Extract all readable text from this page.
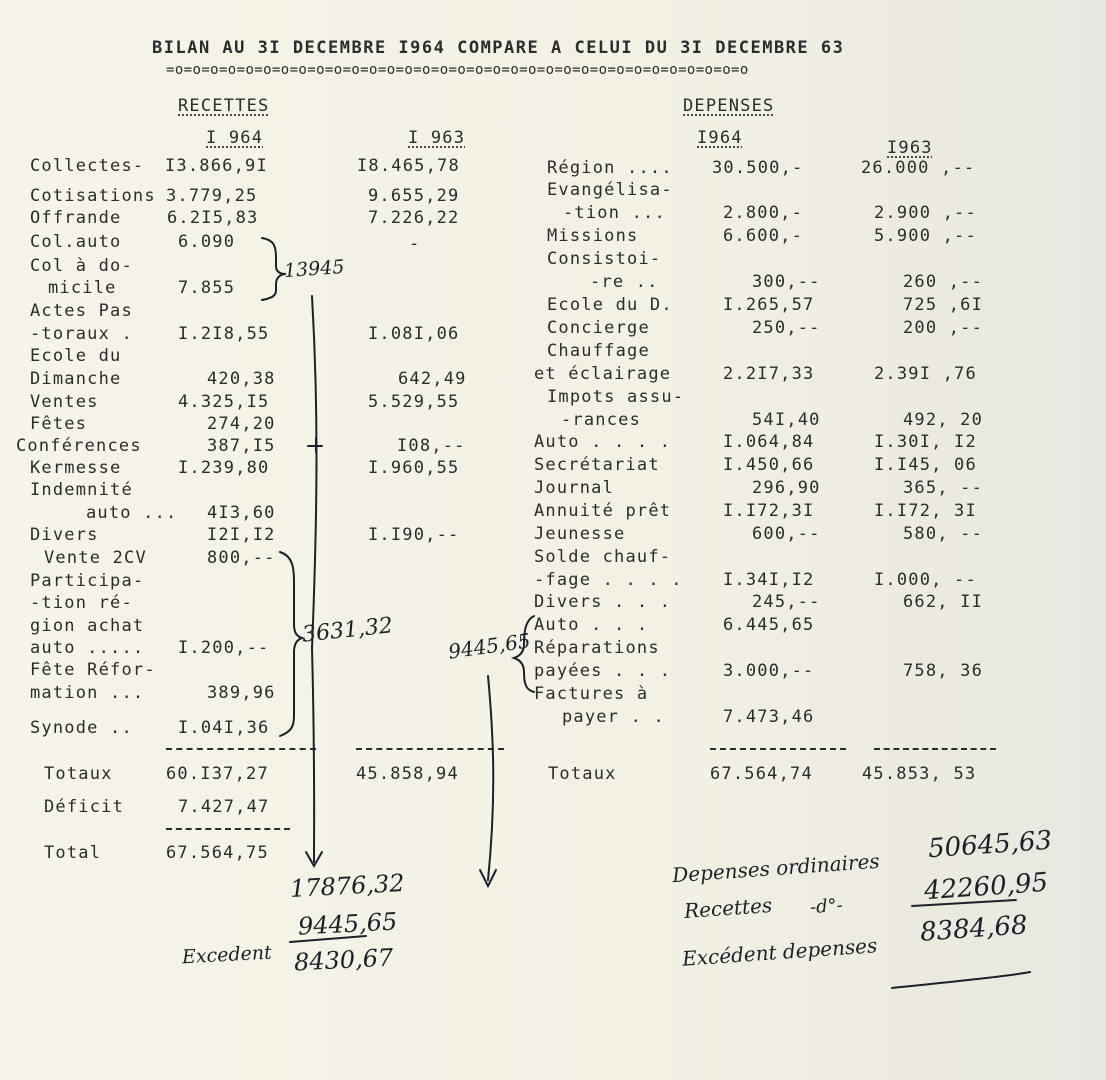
BILAN AU 3I DECEMBRE I964 COMPARE A CELUI DU 3I DECEMBRE 63
=o=o=o=o=o=o=o=o=o=o=o=o=o=o=o=o=o=o=o=o=o=o=o=o=o=o=o=o=o=o=o=o=o
RECETTES
I 964	I 963
DEPENSES
I964	I963
Collectes- I3.866,9I	I8.465,78
Cotisations 3.779,25	9.655,29
Offrande	6.2I5,83	7.226,22
Col.auto	6.090	-
Col à do-
micile	7.855
Actes Pas
-toraux .	I.2I8,55	I.08I,06
Ecole du
Dimanche	420,38	642,49
Ventes	4.325,I5	5.529,55
Fêtes	274,20
Conférences	387,I5	I08,--
Kermesse	I.239,80	I.960,55
Indemnité
auto ... 4I3,60
Divers	I2I,I2	I.I90,--
Vente 2CV	800,--
Participa-
-tion ré-
gion achat
auto ..... I.200,--
Fête Réfor-
mation ...	389,96
Synode ..	I.04I,36
Totaux	60.I37,27	45.858,94
Déficit	7.427,47
Total	67.564,75
Région .... 30.500,-	26.000 ,--
Evangélisa-
-tion ...	2.800,-	2.900 ,--
Missions	6.600,-	5.900 ,--
Consistoi-
-re ..	300,--	260 ,--
Ecole du D.	I.265,57	725 ,6I
Concierge	250,--	200 ,--
Chauffage
et éclairage	2.2I7,33	2.39I ,76
Impots assu-
-rances	54I,40	492, 20
Auto . . . .	I.064,84	I.30I, I2
Secrétariat	I.450,66	I.I45, 06
Journal	296,90	365, --
Annuité prêt	I.I72,3I	I.I72, 3I
Jeunesse	600,--	580, --
Solde chauf-
-fage . . . . I.34I,I2	I.000, --
Divers . . .	245,--	662, II
Auto . . .	6.445,65
Réparations
payées . . .	3.000,--	758, 36
Factures à
payer . .	7.473,46
Totaux	67.564,74	45.853, 53
13945
3631,32	9445,65
17876,32
9445,65
Excedent 8430,67
Depenses ordinaires
50645,63
Recettes -d°-
42260,95
Excédent depenses
8384,68
